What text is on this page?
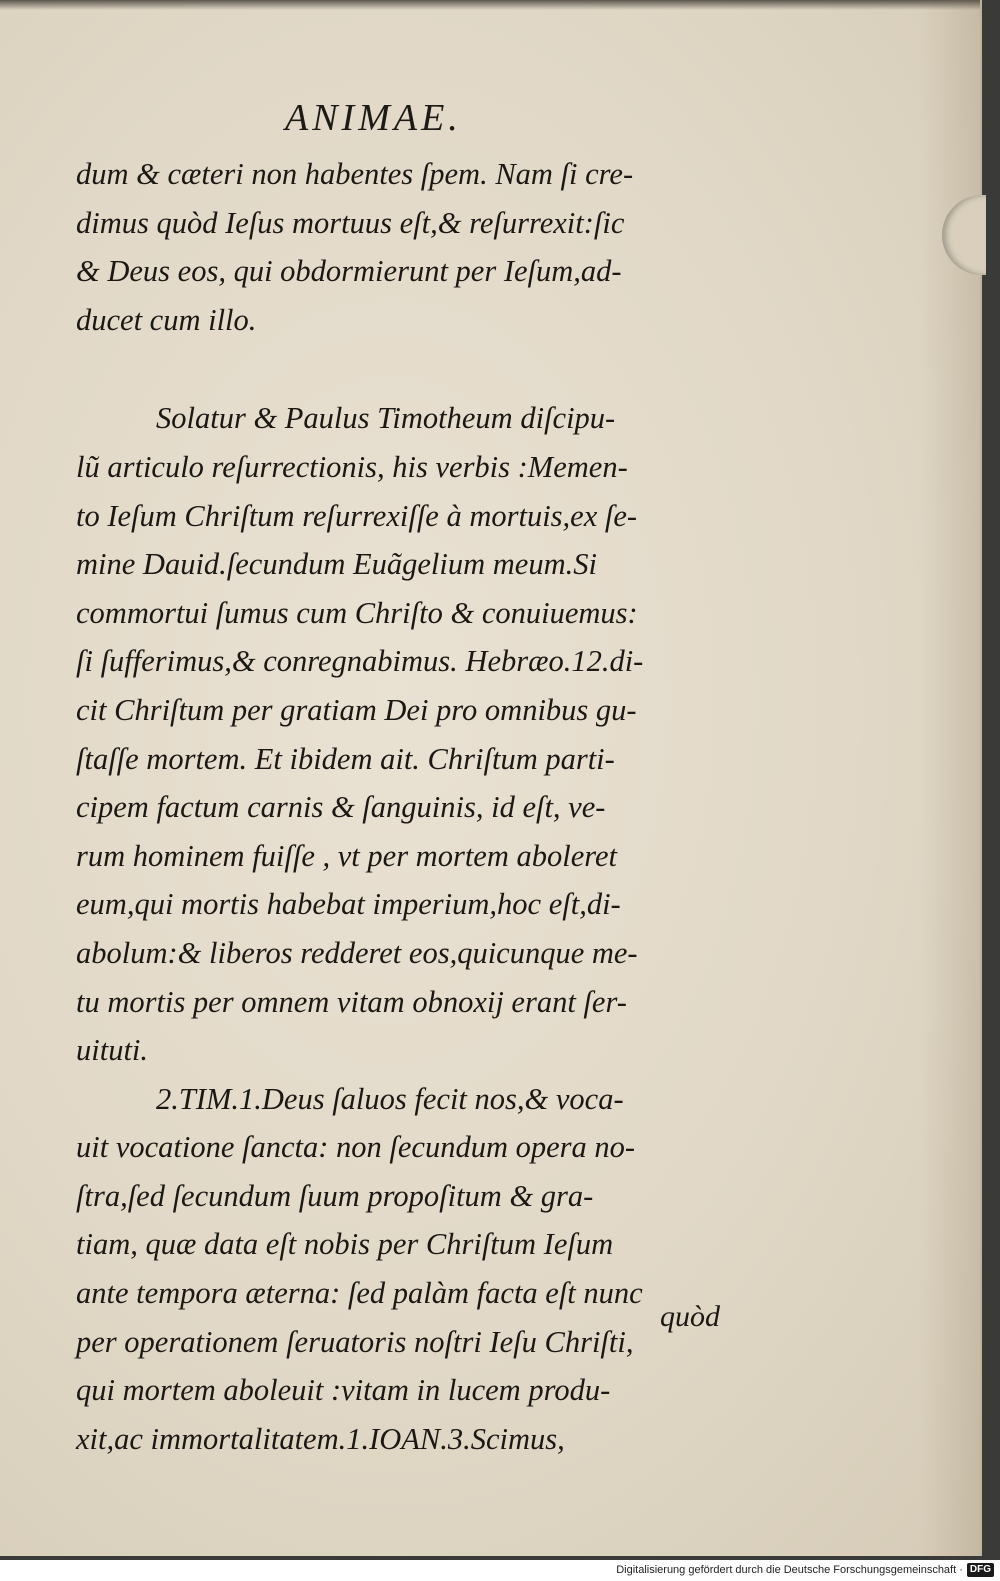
ANIMAE.
dum & cæteri non habentes ſpem. Nam ſi cre-
dimus quòd Ieſus mortuus eſt,& reſurrexit:ſic
& Deus eos, qui obdormierunt per Ieſum,ad-
ducet cum illo.
Solatur & Paulus Timotheum diſcipu-
lũ articulo reſurrectionis, his verbis :Memen-
to Ieſum Chriſtum reſurrexiſſe à mortuis,ex ſe-
mine Dauid.ſecundum Euãgelium meum.Si
commortui ſumus cum Chriſto & conuiuemus:
ſi ſufferimus,& conregnabimus. Hebræo.12.di-
cit Chriſtum per gratiam Dei pro omnibus gu-
ſtaſſe mortem. Et ibidem ait. Chriſtum parti-
cipem factum carnis & ſanguinis, id eſt, ve-
rum hominem fuiſſe , vt per mortem aboleret
eum,qui mortis habebat imperium,hoc eſt,di-
abolum:& liberos redderet eos,quicunque me-
tu mortis per omnem vitam obnoxij erant ſer-
uituti.
2.TIM.1.Deus ſaluos fecit nos,& voca-
uit vocatione ſancta: non ſecundum opera no-
ſtra,ſed ſecundum ſuum propoſitum & gra-
tiam, quæ data eſt nobis per Chriſtum Ieſum
ante tempora æterna: ſed palàm facta eſt nunc
per operationem ſeruatoris noſtri Ieſu Chriſti,
qui mortem aboleuit :vitam in lucem produ-
xit,ac immortalitatem.1.IOAN.3.Scimus,
quòd
Digitalisierung gefördert durch die Deutsche Forschungsgemeinschaft · DFG
